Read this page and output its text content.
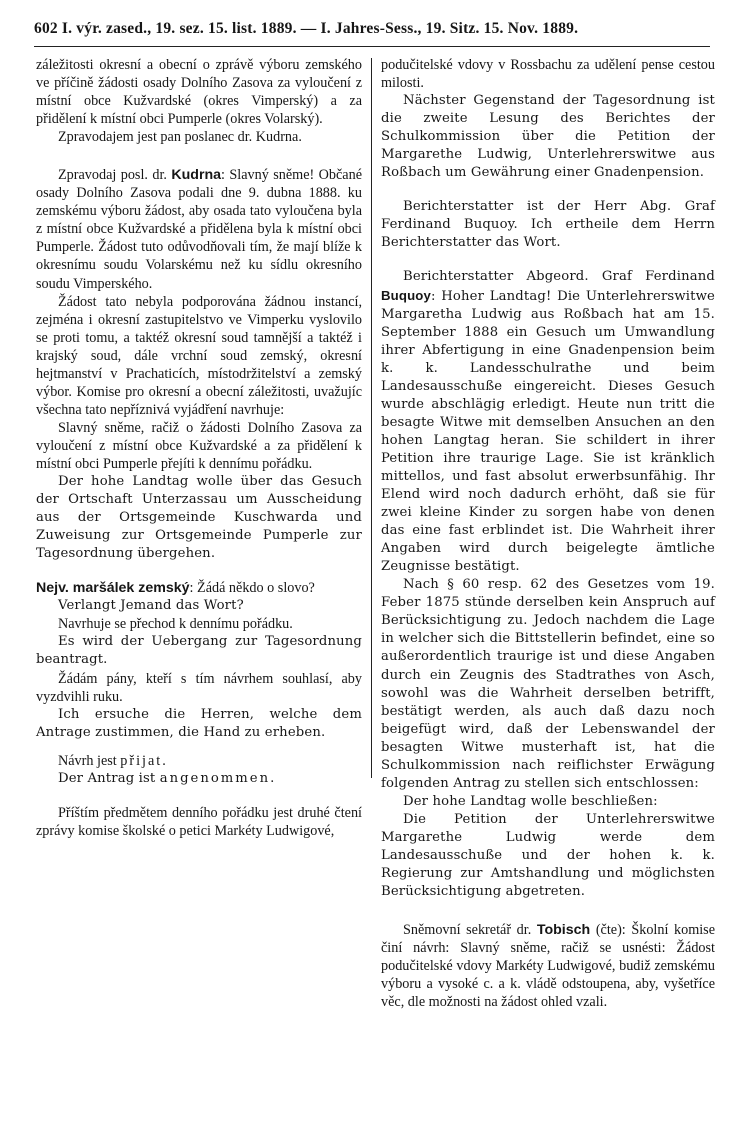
602 I. výr. zased., 19. sez. 15. list. 1889. — I. Jahres-Sess., 19. Sitz. 15. Nov. 1889.

záležitosti okresní a obecní o zprávě výboru zemského ve příčině žádosti osady Dolního Zasova za vyloučení z místní obce Kužvardské (okres Vimperský) a za přidělení k místní obci Pumperle (okres Volarský).

Zpravodajem jest pan poslanec dr. Kudrna.

Zpravodaj posl. dr. Kudrna: Slavný sněme! Občané osady Dolního Zasova podali dne 9. dubna 1888. ku zemskému výboru žádost, aby osada tato vyloučena byla z místní obce Kužvardské a přidělena byla k místní obci Pumperle. Žádost tuto odůvodňovali tím, že mají blíže k okresnímu soudu Volarskému než ku sídlu okresního soudu Vimperského.

Žádost tato nebyla podporována žádnou instancí, zejména i okresní zastupitelstvo ve Vimperku vyslovilo se proti tomu, a taktéž okresní soud tamnější a taktéž i krajský soud, dále vrchní soud zemský, okresní hejtmanství v Prachaticích, místodržitelství a zemský výbor. Komise pro okresní a obecní záležitosti, uvažujíc všechna tato nepříznivá vyjádření navrhuje:

Slavný sněme, račiž o žádosti Dolního Zasova za vyloučení z místní obce Kužvardské a za přidělení k místní obci Pumperle přejíti k dennímu pořádku.

Der hohe Landtag wolle über das Gesuch der Ortschaft Unterzassau um Ausscheidung aus der Ortsgemeinde Kuschwarda und Zuweisung zur Ortsgemeinde Pumperle zur Tagesordnung übergehen.

Nejv. maršálek zemský: Žádá někdo o slovo?

Verlangt Jemand das Wort?

Navrhuje se přechod k dennímu pořádku.

Es wird der Uebergang zur Tagesordnung beantragt.

Žádám pány, kteří s tím návrhem souhlasí, aby vyzdvihli ruku.

Ich ersuche die Herren, welche dem Antrage zustimmen, die Hand zu erheben.

Návrh jest přijat.

Der Antrag ist angenommen.

Příštím předmětem denního pořádku jest druhé čtení zprávy komise školské o petici Markéty Ludwigové,

podučitelské vdovy v Rossbachu za udělení pense cestou milosti.

Nächster Gegenstand der Tagesordnung ist die zweite Lesung des Berichtes der Schulkommission über die Petition der Margarethe Ludwig, Unterlehrerswitwe aus Roßbach um Gewährung einer Gnadenpension.

Berichterstatter ist der Herr Abg. Graf Ferdinand Buquoy. Ich ertheile dem Herrn Berichterstatter das Wort.

Berichterstatter Abgeord. Graf Ferdinand Buquoy: Hoher Landtag! Die Unterlehrerswitwe Margaretha Ludwig aus Roßbach hat am 15. September 1888 ein Gesuch um Umwandlung ihrer Abfertigung in eine Gnadenpension beim k. k. Landesschulrathe und beim Landesausschuße eingereicht. Dieses Gesuch wurde abschlägig erledigt. Heute nun tritt die besagte Witwe mit demselben Ansuchen an den hohen Langtag heran. Sie schildert in ihrer Petition ihre traurige Lage. Sie ist kränklich mittellos, und fast absolut erwerbsunfähig. Ihr Elend wird noch dadurch erhöht, daß sie für zwei kleine Kinder zu sorgen habe von denen das eine fast erblindet ist. Die Wahrheit ihrer Angaben wird durch beigelegte ämtliche Zeugnisse bestätigt.

Nach § 60 resp. 62 des Gesetzes vom 19. Feber 1875 stünde derselben kein Anspruch auf Berücksichtigung zu. Jedoch nachdem die Lage in welcher sich die Bittstellerin befindet, eine so außerordentlich traurige ist und diese Angaben durch ein Zeugnis des Stadtrathes von Asch, sowohl was die Wahrheit derselben betrifft, bestätigt werden, als auch daß dazu noch beigefügt wird, daß der Lebenswandel der besagten Witwe musterhaft ist, hat die Schulkommission nach reiflichster Erwägung folgenden Antrag zu stellen sich entschlossen:

Der hohe Landtag wolle beschließen:

Die Petition der Unterlehrerswitwe Margarethe Ludwig werde dem Landesausschuße und der hohen k. k. Regierung zur Amtshandlung und möglichsten Berücksichtigung abgetreten.

Sněmovní sekretář dr. Tobisch (čte): Školní komise činí návrh: Slavný sněme, račiž se usnésti: Žádost podučitelské vdovy Markéty Ludwigové, budiž zemskému výboru a vysoké c. a k. vládě odstoupena, aby, vyšetříce věc, dle možnosti na žádost ohled vzali.
